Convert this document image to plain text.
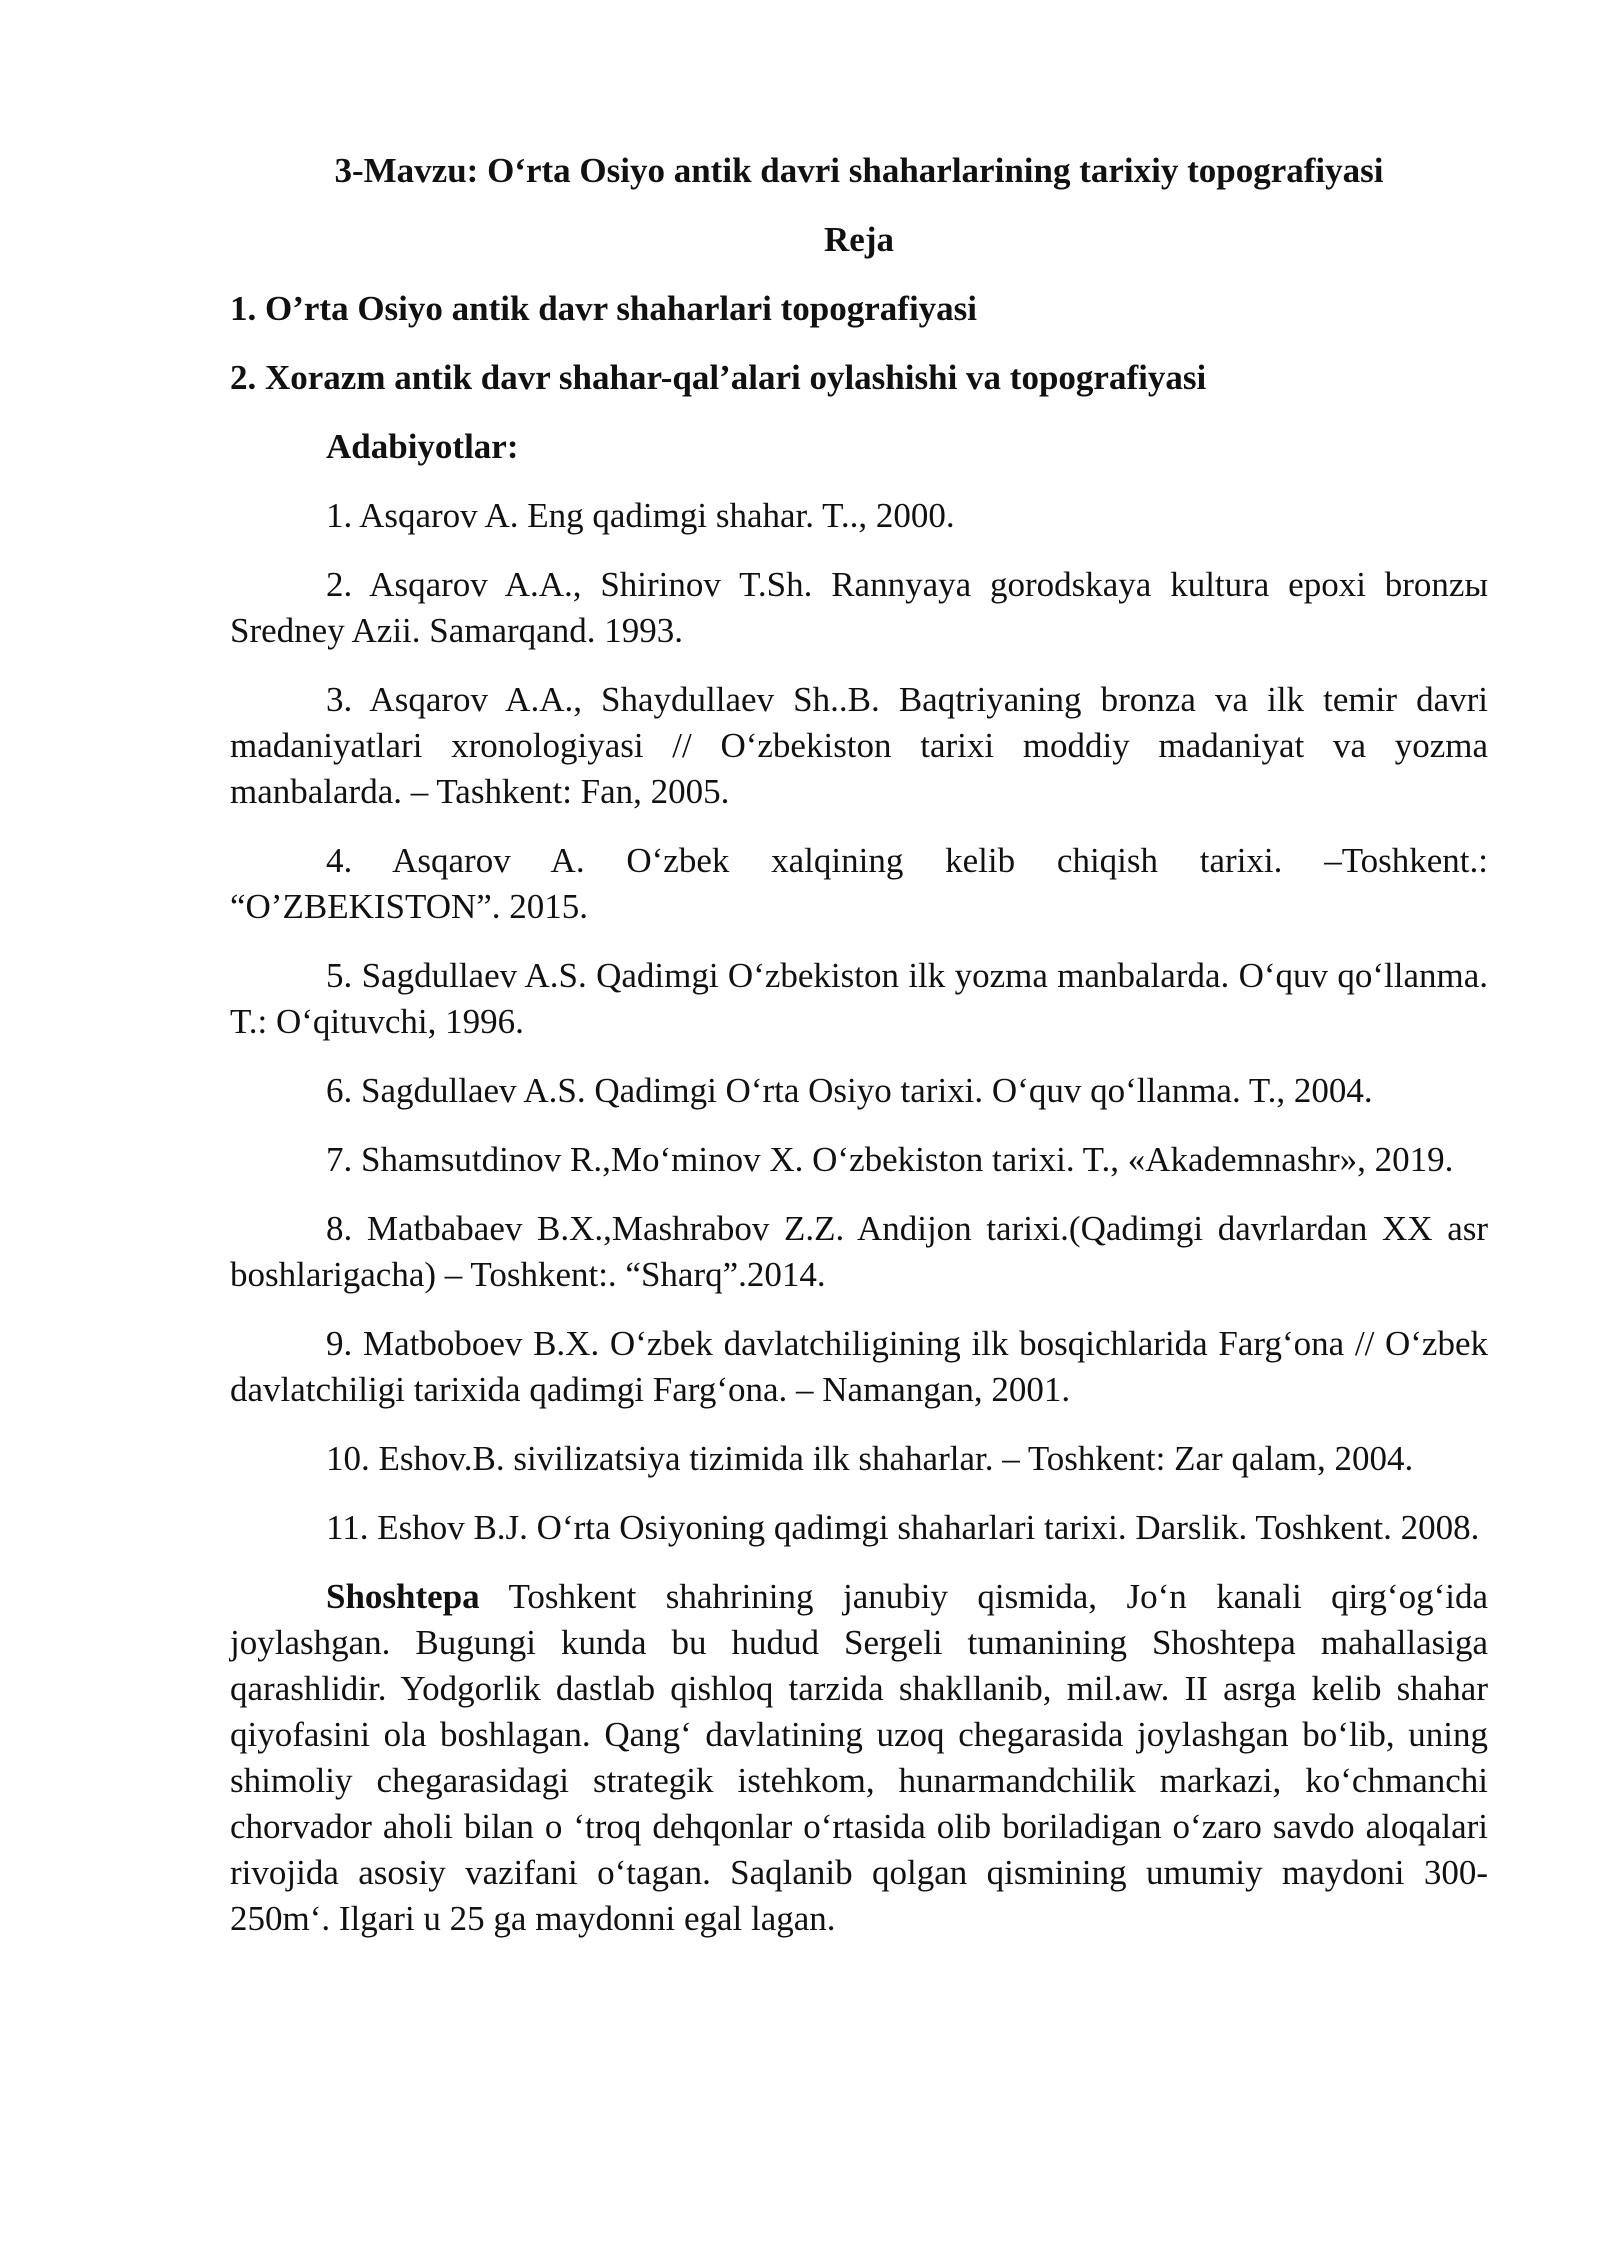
3-Mavzu: O‘rta Osiyo antik davri shaharlarining tarixiy topografiyasi

Reja

1. O’rta Osiyo antik davr shaharlari topografiyasi

2. Xorazm antik davr shahar-qal’alari oylashishi va topografiyasi

Adabiyotlar:

1. Asqarov A. Eng qadimgi shahar. T.., 2000.

2. Asqarov A.A., Shirinov T.Sh. Rannyaya gorodskaya kultura epoxi bronzы Sredney Azii. Samarqand. 1993.

3. Asqarov A.A., Shaydullaev Sh..B. Baqtriyaning bronza va ilk temir davri madaniyatlari xronologiyasi // O‘zbekiston tarixi moddiy madaniyat va yozma manbalarda. – Tashkent: Fan, 2005.

4. Asqarov A. O‘zbek xalqining kelib chiqish tarixi. –Toshkent.: “O’ZBEKISTON”. 2015.

5. Sagdullaev A.S. Qadimgi O‘zbekiston ilk yozma manbalarda. O‘quv qo‘llanma. T.: O‘qituvchi, 1996.

6. Sagdullaev A.S. Qadimgi O‘rta Osiyo tarixi. O‘quv qo‘llanma. T., 2004.

7. Shamsutdinov R.,Mo‘minov X. O‘zbekiston tarixi. T., «Akademnashr», 2019.

8. Matbabaev B.X.,Mashrabov Z.Z. Andijon tarixi.(Qadimgi davrlardan XX asr boshlarigacha) – Toshkent:. “Sharq”.2014.

9. Matboboev B.X. O‘zbek davlatchiligining ilk bosqichlarida Farg‘ona // O‘zbek davlatchiligi tarixida qadimgi Farg‘ona. – Namangan, 2001.

10. Eshov.B. sivilizatsiya tizimida ilk shaharlar. – Toshkent: Zar qalam, 2004.

11. Eshov B.J. O‘rta Osiyoning qadimgi shaharlari tarixi. Darslik. Toshkent. 2008.

Shoshtepa Toshkent shahrining janubiy qismida, Jo‘n kanali qirg‘og‘ida joylashgan. Bugungi kunda bu hudud Sergeli tumanining Shoshtepa mahallasiga qarashlidir. Yodgorlik dastlab qishloq tarzida shakllanib, mil.aw. II asrga kelib shahar qiyofasini ola boshlagan. Qang‘ davlatining uzoq chegarasida joylashgan bo‘lib, uning shimoliy chegarasidagi strategik istehkom, hunarmandchilik markazi, ko‘chmanchi chorvador aholi bilan o ‘troq dehqonlar o‘rtasida olib boriladigan o‘zaro savdo aloqalari rivojida asosiy vazifani o‘tagan. Saqlanib qolgan qismining umumiy maydoni 300-250m‘. Ilgari u 25 ga maydonni egal lagan.
